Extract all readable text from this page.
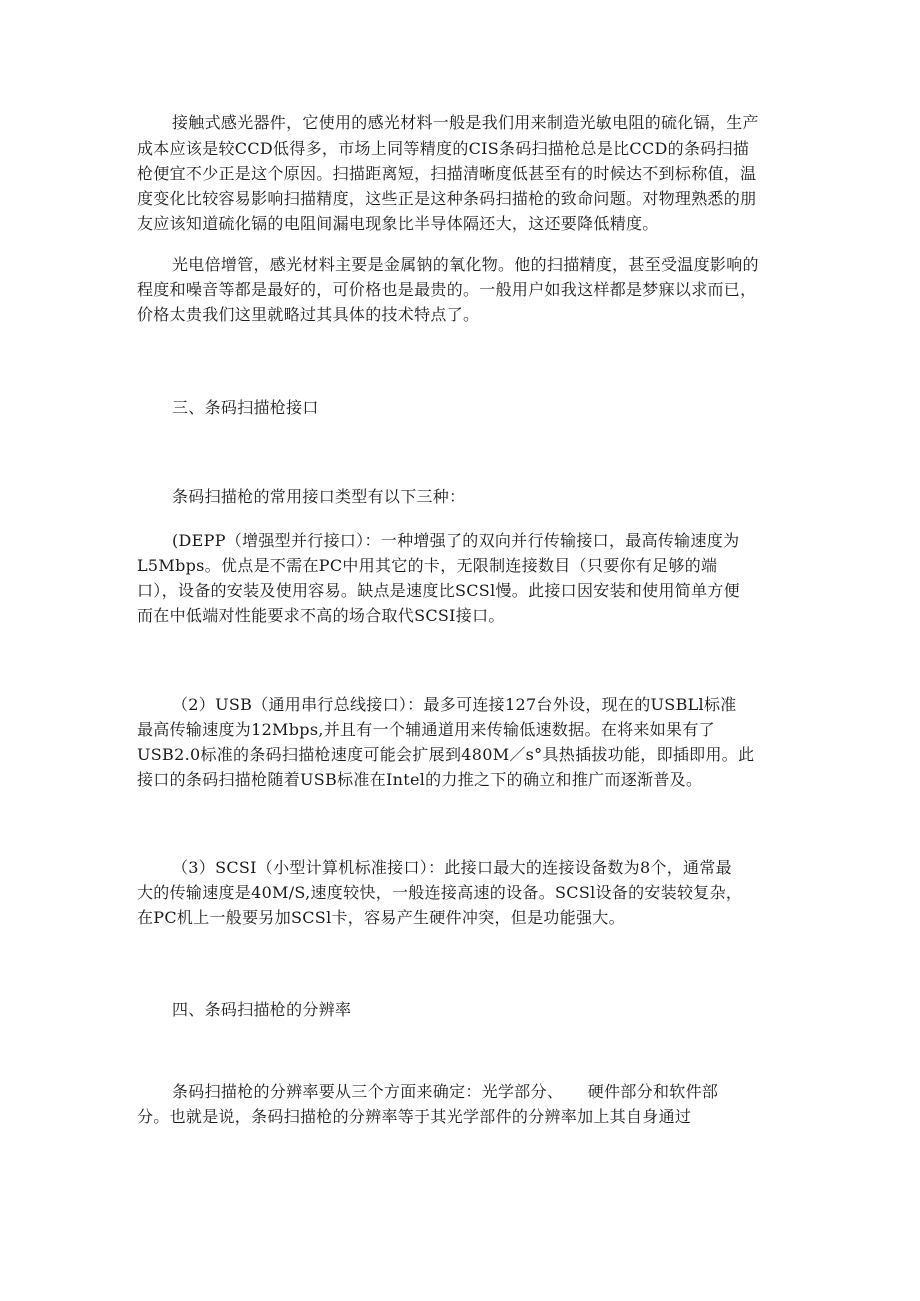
接触式感光器件，它使用的感光材料一般是我们用来制造光敏电阻的硫化镉，生产
成本应该是较CCD低得多，市场上同等精度的CIS条码扫描枪总是比CCD的条码扫描
枪便宜不少正是这个原因。扫描距离短，扫描清晰度低甚至有的时候达不到标称值，温
度变化比较容易影响扫描精度，这些正是这种条码扫描枪的致命问题。对物理熟悉的朋
友应该知道硫化镉的电阻间漏电现象比半导体隔还大，这还要降低精度。
光电倍增管，感光材料主要是金属钠的氧化物。他的扫描精度，甚至受温度影响的
程度和噪音等都是最好的，可价格也是最贵的。一般用户如我这样都是梦寐以求而已，
价格太贵我们这里就略过其具体的技术特点了。
三、条码扫描枪接口
条码扫描枪的常用接口类型有以下三种：
(DEPP（增强型并行接口）：一种增强了的双向并行传输接口，最高传输速度为
L5Mbps。优点是不需在PC中用其它的卡，无限制连接数目（只要你有足够的端
口），设备的安装及使用容易。缺点是速度比SCSl慢。此接口因安装和使用简单方便
而在中低端对性能要求不高的场合取代SCSI接口。
（2）USB（通用串行总线接口）：最多可连接127台外设，现在的USBLl标准
最高传输速度为12Mbps,并且有一个辅通道用来传输低速数据。在将来如果有了
USB2.0标准的条码扫描枪速度可能会扩展到480M／s°具热插拔功能，即插即用。此
接口的条码扫描枪随着USB标准在Intel的力推之下的确立和推广而逐渐普及。
（3）SCSI（小型计算机标准接口）：此接口最大的连接设备数为8个，通常最
大的传输速度是40M/S,速度较快，一般连接高速的设备。SCSl设备的安装较复杂，
在PC机上一般要另加SCSl卡，容易产生硬件冲突，但是功能强大。
四、条码扫描枪的分辨率
条码扫描枪的分辨率要从三个方面来确定：光学部分、　　硬件部分和软件部
分。也就是说，条码扫描枪的分辨率等于其光学部件的分辨率加上其自身通过
